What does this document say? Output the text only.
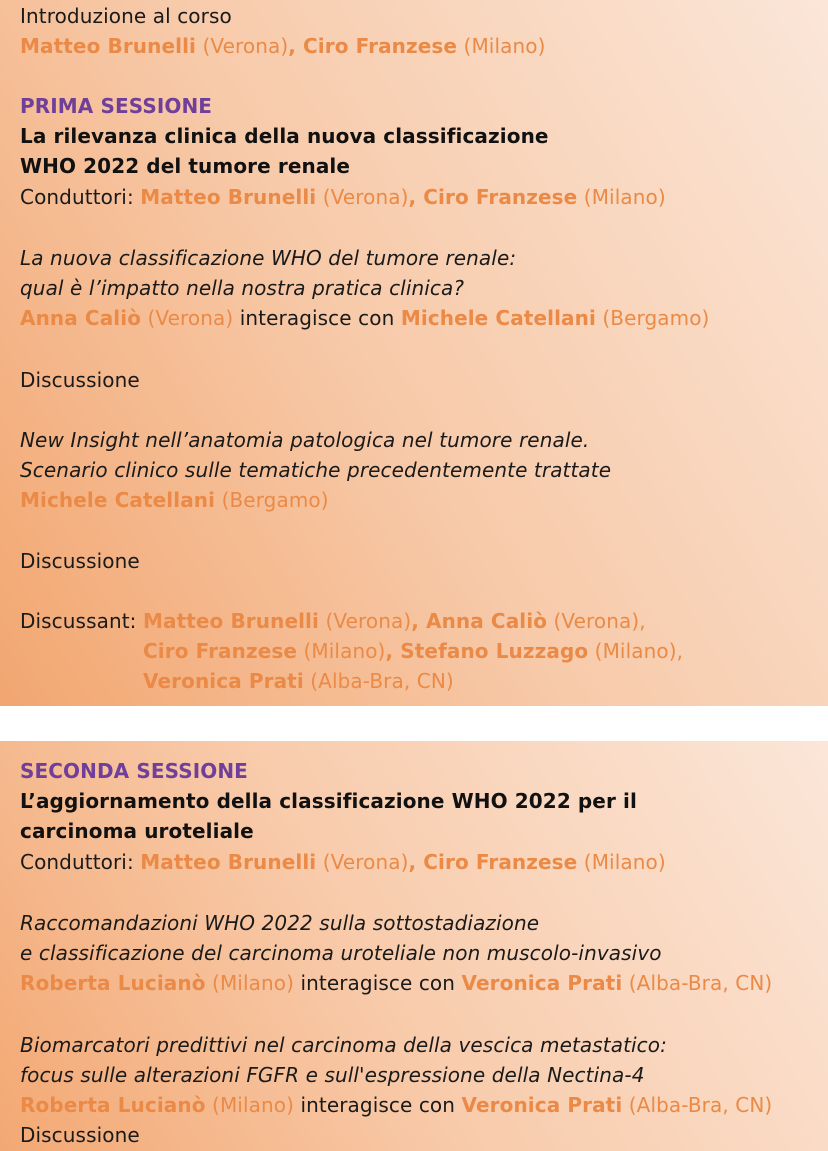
Introduzione al corso
Matteo Brunelli (Verona), Ciro Franzese (Milano)
PRIMA SESSIONE
La rilevanza clinica della nuova classificazione
WHO 2022 del tumore renale
Conduttori: Matteo Brunelli (Verona), Ciro Franzese (Milano)
La nuova classificazione WHO del tumore renale:
qual è l’impatto nella nostra pratica clinica?
Anna Caliò (Verona) interagisce con Michele Catellani (Bergamo)
Discussione
New Insight nell’anatomia patologica nel tumore renale.
Scenario clinico sulle tematiche precedentemente trattate
Michele Catellani (Bergamo)
Discussione
Discussant: Matteo Brunelli (Verona), Anna Caliò (Verona),
Ciro Franzese (Milano), Stefano Luzzago (Milano),
Veronica Prati (Alba-Bra, CN)
SECONDA SESSIONE
L’aggiornamento della classificazione WHO 2022 per il
carcinoma uroteliale
Conduttori: Matteo Brunelli (Verona), Ciro Franzese (Milano)
Raccomandazioni WHO 2022 sulla sottostadiazione
e classificazione del carcinoma uroteliale non muscolo-invasivo
Roberta Lucianò (Milano) interagisce con Veronica Prati (Alba-Bra, CN)
Biomarcatori predittivi nel carcinoma della vescica metastatico:
focus sulle alterazioni FGFR e sull'espressione della Nectina-4
Roberta Lucianò (Milano) interagisce con Veronica Prati (Alba-Bra, CN)
Discussione
